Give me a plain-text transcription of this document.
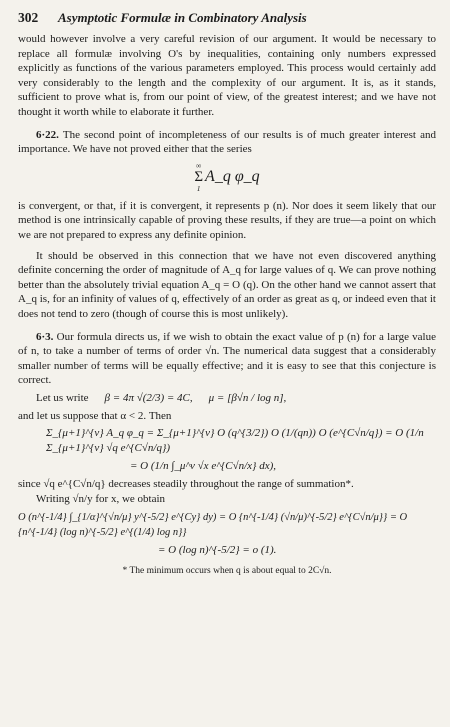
302	Asymptotic Formulæ in Combinatory Analysis

would however involve a very careful revision of our argument. It would be necessary to replace all formulæ involving O's by inequalities, containing only numbers expressed explicitly as functions of the various parameters employed. This process would certainly add very considerably to the length and the complexity of our argument. It is, as it stands, sufficient to prove what is, from our point of view, of the greatest interest; and we have not thought it worth while to elaborate it further.

6·22. The second point of incompleteness of our results is of much greater interest and importance. We have not proved either that the series

∞
Σ
1
A_q φ_q

is convergent, or that, if it is convergent, it represents p (n). Nor does it seem likely that our method is one intrinsically capable of proving these results, if they are true—a point on which we are not prepared to express any definite opinion.

It should be observed in this connection that we have not even discovered anything definite concerning the order of magnitude of A_q for large values of q. We can prove nothing better than the absolutely trivial equation A_q = O (q). On the other hand we cannot assert that A_q is, for an infinity of values of q, effectively of an order as great as q, or indeed even that it does not tend to zero (though of course this is most unlikely).

6·3. Our formula directs us, if we wish to obtain the exact value of p (n) for a large value of n, to take a number of terms of order √n. The numerical data suggest that a considerably smaller number of terms will be equally effective; and it is easy to see that this conjecture is correct.

Let us write β = 4π √(2/3) = 4C, μ = [β√n / log n],

and let us suppose that α < 2. Then

Σ_{μ+1}^{ν} A_q φ_q = Σ_{μ+1}^{ν} O (q^{3/2}) O (1/(qn)) O (e^{C√n/q}) = O (1/n Σ_{μ+1}^{ν} √q e^{C√n/q})
= O (1/n ∫_μ^ν √x e^{C√n/x} dx),

since √q e^{C√n/q} decreases steadily throughout the range of summation*.

Writing √n/y for x, we obtain

O (n^{-1/4} ∫_{1/α}^{√n/μ} y^{-5/2} e^{Cy} dy) = O {n^{-1/4} (√n/μ)^{-5/2} e^{C√n/μ}} = O {n^{-1/4} (log n)^{-5/2} e^{(1/4) log n}}
= O (log n)^{-5/2} = o (1).
* The minimum occurs when q is about equal to 2C√n.
